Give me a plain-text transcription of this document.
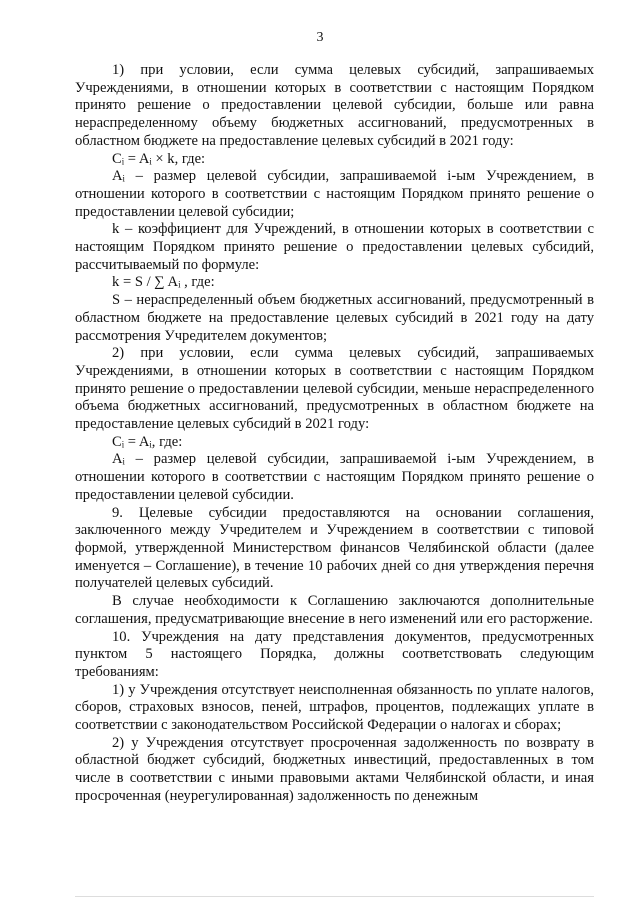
3

1) при условии, если сумма целевых субсидий, запрашиваемых Учреждениями, в отношении которых в соответствии с настоящим Порядком принято решение о предоставлении целевой субсидии, больше или равна нераспределенному объему бюджетных ассигнований, предусмотренных в областном бюджете на предоставление целевых субсидий в 2021 году:

Cᵢ = Aᵢ × k, где:

Aᵢ – размер целевой субсидии, запрашиваемой i-ым Учреждением, в отношении которого в соответствии с настоящим Порядком принято решение о предоставлении целевой субсидии;

k – коэффициент для Учреждений, в отношении которых в соответствии с настоящим Порядком принято решение о предоставлении целевых субсидий, рассчитываемый по формуле:

k = S / ∑ Aᵢ , где:

S – нераспределенный объем бюджетных ассигнований, предусмотренный в областном бюджете на предоставление целевых субсидий в 2021 году на дату рассмотрения Учредителем документов;

2) при условии, если сумма целевых субсидий, запрашиваемых Учреждениями, в отношении которых в соответствии с настоящим Порядком принято решение о предоставлении целевой субсидии, меньше нераспределенного объема бюджетных ассигнований, предусмотренных в областном бюджете на предоставление целевых субсидий в 2021 году:

Cᵢ = Aᵢ, где:

Aᵢ – размер целевой субсидии, запрашиваемой i-ым Учреждением, в отношении которого в соответствии с настоящим Порядком принято решение о предоставлении целевой субсидии.

9. Целевые субсидии предоставляются на основании соглашения, заключенного между Учредителем и Учреждением в соответствии с типовой формой, утвержденной Министерством финансов Челябинской области (далее именуется – Соглашение), в течение 10 рабочих дней со дня утверждения перечня получателей целевых субсидий.

В случае необходимости к Соглашению заключаются дополнительные соглашения, предусматривающие внесение в него изменений или его расторжение.

10. Учреждения на дату представления документов, предусмотренных пунктом 5 настоящего Порядка, должны соответствовать следующим требованиям:

1) у Учреждения отсутствует неисполненная обязанность по уплате налогов, сборов, страховых взносов, пеней, штрафов, процентов, подлежащих уплате в соответствии с законодательством Российской Федерации о налогах и сборах;

2) у Учреждения отсутствует просроченная задолженность по возврату в областной бюджет субсидий, бюджетных инвестиций, предоставленных в том числе в соответствии с иными правовыми актами Челябинской области, и иная просроченная (неурегулированная) задолженность по денежным
